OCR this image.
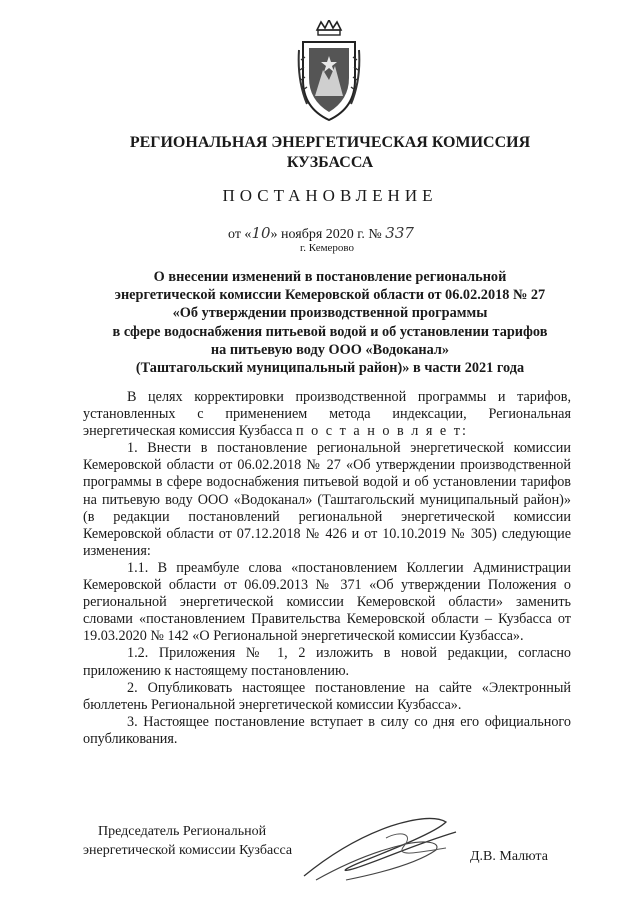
РЕГИОНАЛЬНАЯ ЭНЕРГЕТИЧЕСКАЯ КОМИССИЯ
КУЗБАССА
ПОСТАНОВЛЕНИЕ
от «10» ноября 2020 г. № 337
г. Кемерово
О внесении изменений в постановление региональной
энергетической комиссии Кемеровской области от 06.02.2018 № 27
«Об утверждении производственной программы
в сфере водоснабжения питьевой водой и об установлении тарифов
на питьевую воду ООО «Водоканал»
(Таштагольский муниципальный район)» в части 2021 года

В целях корректировки производственной программы и тарифов, установленных с применением метода индексации, Региональная энергетическая комиссия Кузбасса п о с т а н о в л я е т:

1. Внести в постановление региональной энергетической комиссии Кемеровской области от 06.02.2018 № 27 «Об утверждении производственной программы в сфере водоснабжения питьевой водой и об установлении тарифов на питьевую воду ООО «Водоканал» (Таштагольский муниципальный район)» (в редакции постановлений региональной энергетической комиссии Кемеровской области от 07.12.2018 № 426 и от 10.10.2019 № 305) следующие изменения:

1.1. В преамбуле слова «постановлением Коллегии Администрации Кемеровской области от 06.09.2013 № 371 «Об утверждении Положения о региональной энергетической комиссии Кемеровской области» заменить словами «постановлением Правительства Кемеровской области – Кузбасса от 19.03.2020 № 142 «О Региональной энергетической комиссии Кузбасса».

1.2. Приложения № 1, 2 изложить в новой редакции, согласно приложению к настоящему постановлению.

2. Опубликовать настоящее постановление на сайте «Электронный бюллетень Региональной энергетической комиссии Кузбасса».

3. Настоящее постановление вступает в силу со дня его официального опубликования.

Председатель Региональной
энергетической комиссии Кузбасса	Д.В. Малюта
